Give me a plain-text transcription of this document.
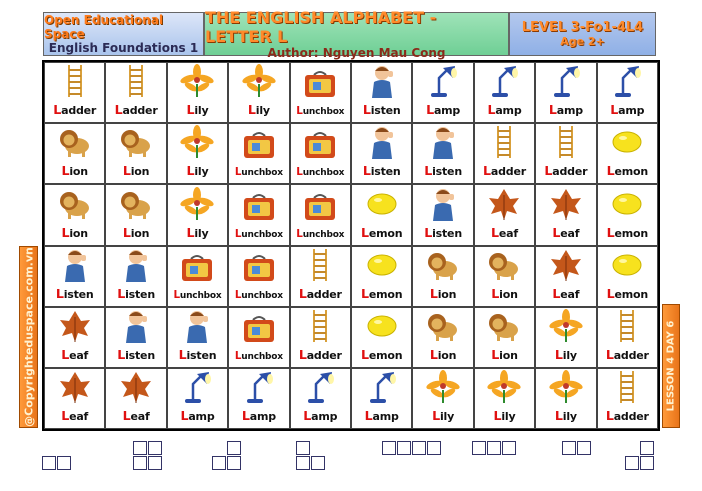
Open Educational Space
English Foundations 1
THE ENGLISH ALPHABET - LETTER L
Author: Nguyen Mau Cong
LEVEL 3-Fo1-4L4
Age 2+
Ladder Ladder Lily	Lily	Lunchbox Listen Lamp Lamp Lamp Lamp
Lion	Lion	Lily	Lunchbox Lunchbox Listen Listen Ladder Ladder Lemon
Lion	Lion	Lily	Lunchbox Lunchbox Lemon Listen Leaf	Leaf Lemon
Listen Listen Lunchbox Lunchbox Ladder Lemon Lion	Lion	Leaf Lemon
Leaf Listen Listen Lunchbox Ladder Lemon Lion	Lion	Lily Ladder
Leaf	Leaf Lamp Lamp Lamp Lamp	Lily	Lily	Lily Ladder
@Copyrighteduspace.com.vn	LESSON 4 DAY 6
